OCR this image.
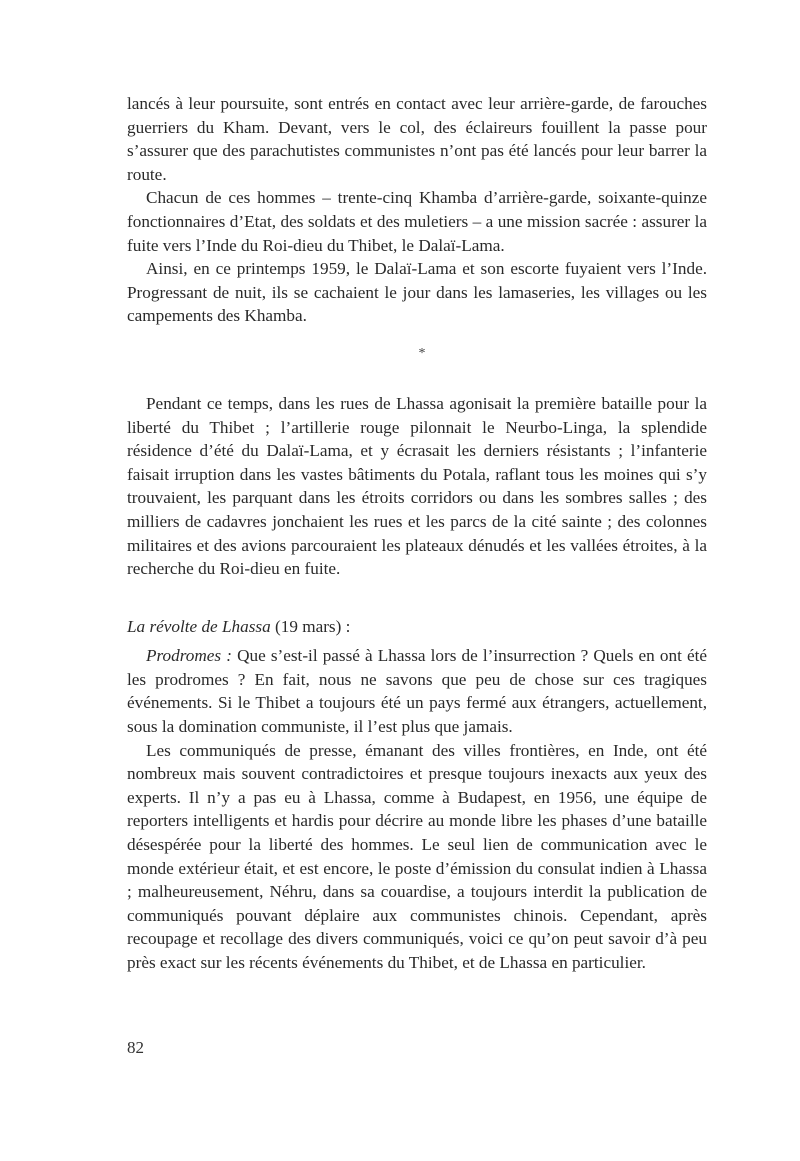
lancés à leur poursuite, sont entrés en contact avec leur arrière-garde, de farouches guerriers du Kham. Devant, vers le col, des éclaireurs fouillent la passe pour s’assurer que des parachutistes communistes n’ont pas été lancés pour leur barrer la route.

Chacun de ces hommes – trente-cinq Khamba d’arrière-garde, soixante-quinze fonctionnaires d’Etat, des soldats et des muletiers – a une mission sacrée : assurer la fuite vers l’Inde du Roi-dieu du Thibet, le Dalaï-Lama.

Ainsi, en ce printemps 1959, le Dalaï-Lama et son escorte fuyaient vers l’Inde. Progressant de nuit, ils se cachaient le jour dans les lamaseries, les villages ou les campements des Khamba.

*

Pendant ce temps, dans les rues de Lhassa agonisait la première bataille pour la liberté du Thibet ; l’artillerie rouge pilonnait le Neurbo-Linga, la splendide résidence d’été du Dalaï-Lama, et y écrasait les derniers résistants ; l’infanterie faisait irruption dans les vastes bâtiments du Potala, raflant tous les moines qui s’y trouvaient, les parquant dans les étroits corridors ou dans les sombres salles ; des milliers de cadavres jonchaient les rues et les parcs de la cité sainte ; des colonnes militaires et des avions parcouraient les plateaux dénudés et les vallées étroites, à la recherche du Roi-dieu en fuite.

La révolte de Lhassa (19 mars) :

Prodromes : Que s’est-il passé à Lhassa lors de l’insurrection ? Quels en ont été les prodromes ? En fait, nous ne savons que peu de chose sur ces tragiques événements. Si le Thibet a toujours été un pays fermé aux étrangers, actuellement, sous la domination communiste, il l’est plus que jamais.

Les communiqués de presse, émanant des villes frontières, en Inde, ont été nombreux mais souvent contradictoires et presque toujours inexacts aux yeux des experts. Il n’y a pas eu à Lhassa, comme à Budapest, en 1956, une équipe de reporters intelligents et hardis pour décrire au monde libre les phases d’une bataille désespérée pour la liberté des hommes. Le seul lien de communication avec le monde extérieur était, et est encore, le poste d’émission du consulat indien à Lhassa ; malheureusement, Néhru, dans sa couardise, a toujours interdit la publication de communiqués pouvant déplaire aux communistes chinois. Cependant, après recoupage et recollage des divers communiqués, voici ce qu’on peut savoir d’à peu près exact sur les récents événements du Thibet, et de Lhassa en particulier.

82
